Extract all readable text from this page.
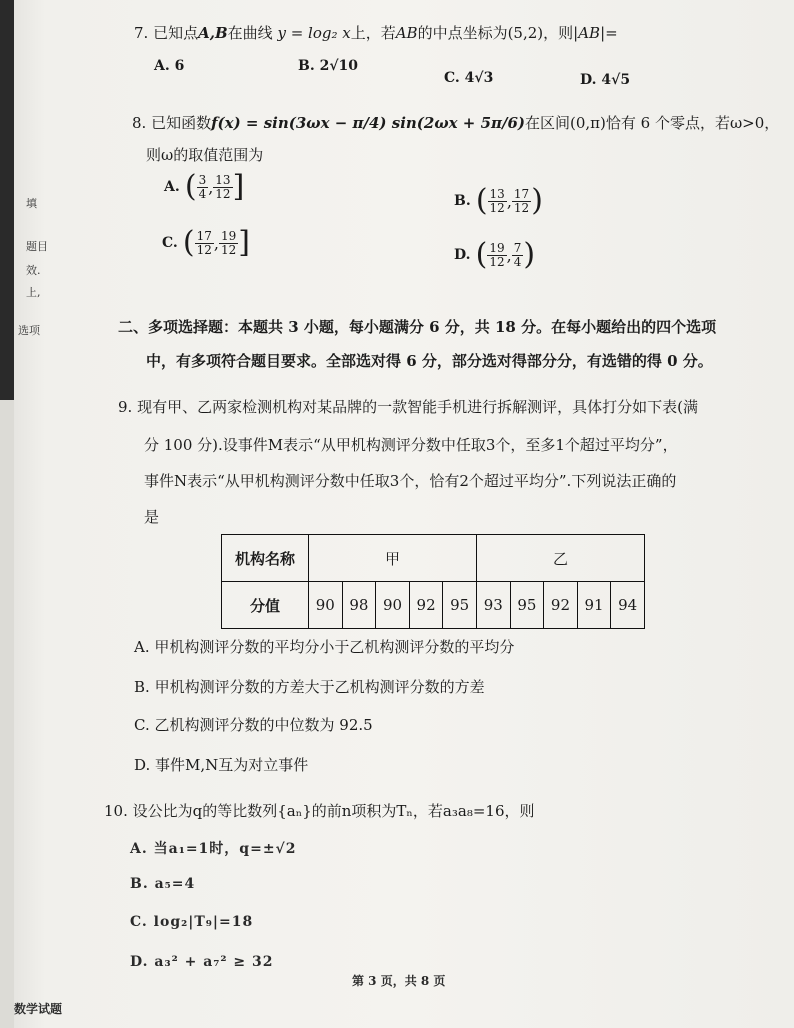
填
题目
效.
上,
选项
7. 已知点A,B在曲线 y = log₂ x上，若AB的中点坐标为(5,2)，则|AB|=
A. 6	B. 2√10
C. 4√3	D. 4√5
8. 已知函数f(x) = sin(3ωx − π/4) sin(2ωx + 5π/6)在区间(0,π)恰有 6 个零点，若ω>0，
则ω的取值范围为
A.
( $\frac{3}{4}$ , $\frac{13}{12}$ ]	B.
( $\frac{13}{12}$ , $\frac{17}{12}$ )
C.
( $\frac{17}{12}$ , $\frac{19}{12}$ ]	D.
( $\frac{19}{12}$ , $\frac{7}{4}$ )
二、多项选择题：本题共 3 小题，每小题满分 6 分，共 18 分。在每小题给出的四个选项
中，有多项符合题目要求。全部选对得 6 分，部分选对得部分分，有选错的得 0 分。
9. 现有甲、乙两家检测机构对某品牌的一款智能手机进行拆解测评，具体打分如下表(满
分 100 分).设事件M表示“从甲机构测评分数中任取3个，至多1个超过平均分”，
事件N表示“从甲机构测评分数中任取3个，恰有2个超过平均分”.下列说法正确的
是
机构名称	甲					乙				
分值	90	98	90	92	95	93	95	92	91	94
A. 甲机构测评分数的平均分小于乙机构测评分数的平均分
B. 甲机构测评分数的方差大于乙机构测评分数的方差
C. 乙机构测评分数的中位数为 92.5
D. 事件M,N互为对立事件
10. 设公比为q的等比数列{aₙ}的前n项积为Tₙ，若a₃a₈=16，则
A. 当a₁=1时，q=±√2
B. a₅=4
C. log₂|T₉|=18
D. a₃² + a₇² ≥ 32
数学试题
第 3 页，共 8 页
